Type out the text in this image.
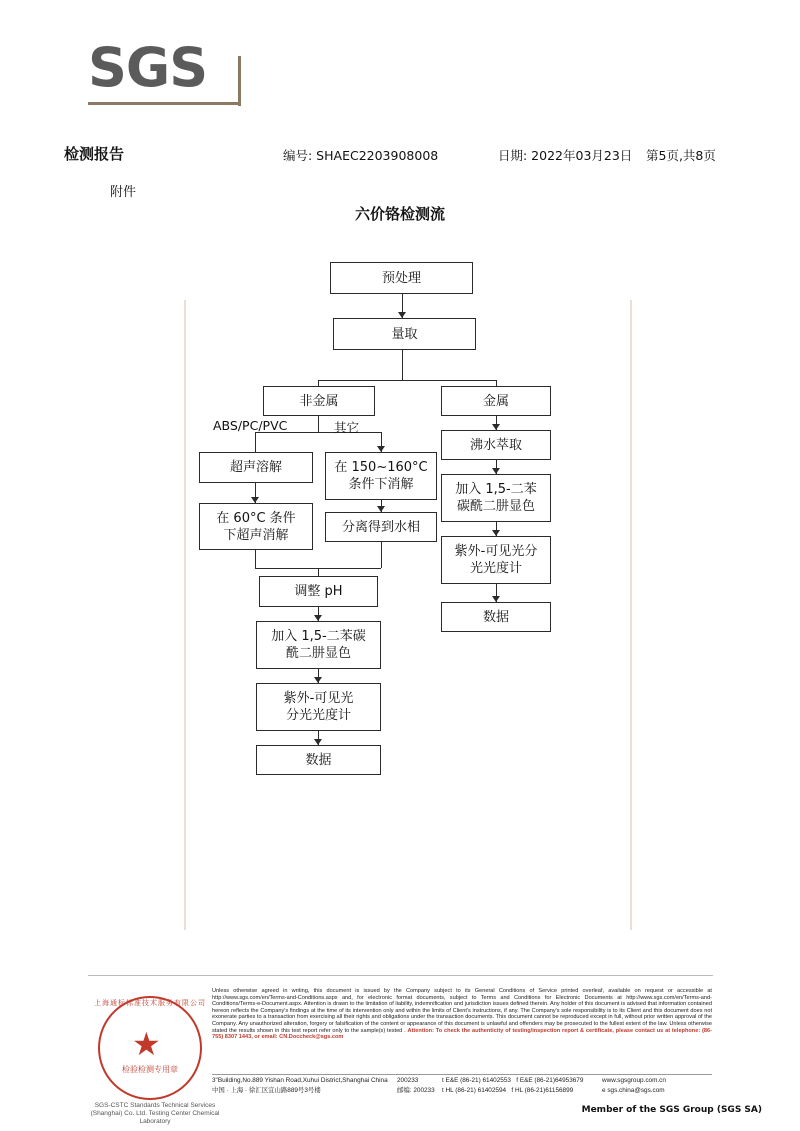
SGS
检测报告
附件
编号: SHAEC2203908008	日期: 2022年03月23日 第5页,共8页
六价铬检测流
预处理
量取
非金属	金属
ABS/PC/PVC	其它
超声溶解	在 150~160°C
条件下消解
在 60°C 条件
下超声消解
分离得到水相
调整 pH
加入 1,5-二苯碳
酰二肼显色
紫外-可见光
分光光度计
数据
沸水萃取
加入 1,5-二苯
碳酰二肼显色
紫外-可见光分
光光度计
数据
上海通标标准技术服务有限公司
★
检验检测专用章
SGS-CSTC Standards Technical Services (Shanghai) Co. Ltd. Testing Center Chemical Laboratory
Unless otherwise agreed in writing, this document is issued by the Company subject to its General Conditions of Service printed overleaf, available on request or accessible at http://www.sgs.com/en/Terms-and-Conditions.aspx and, for electronic format documents, subject to Terms and Conditions for Electronic Documents at http://www.sgs.com/en/Terms-and-Conditions/Terms-e-Document.aspx. Attention is drawn to the limitation of liability, indemnification and jurisdiction issues defined therein. Any holder of this document is advised that information contained hereon reflects the Company's findings at the time of its intervention only and within the limits of Client's instructions, if any. The Company's sole responsibility is to its Client and this document does not exonerate parties to a transaction from exercising all their rights and obligations under the transaction documents. This document cannot be reproduced except in full, without prior written approval of the Company. Any unauthorized alteration, forgery or falsification of the content or appearance of this document is unlawful and offenders may be prosecuted to the fullest extent of the law. Unless otherwise stated the results shown in this test report refer only to the sample(s) tested . Attention: To check the authenticity of testing/inspection report & certificate, please contact us at telephone: (86-755) 8307 1443, or email: CN.Doccheck@sgs.com
3"Building,No.889 Yishan Road,Xuhui District,Shanghai China	200233	t E&E (86-21) 61402553 f E&E (86-21)64953679	www.sgsgroup.com.cn
中国 · 上海 · 徐汇区宜山路889号3号楼	邮编: 200233	t HL (86-21) 61402594 f HL (86-21)61156899	e sgs.china@sgs.com
Member of the SGS Group (SGS SA)
